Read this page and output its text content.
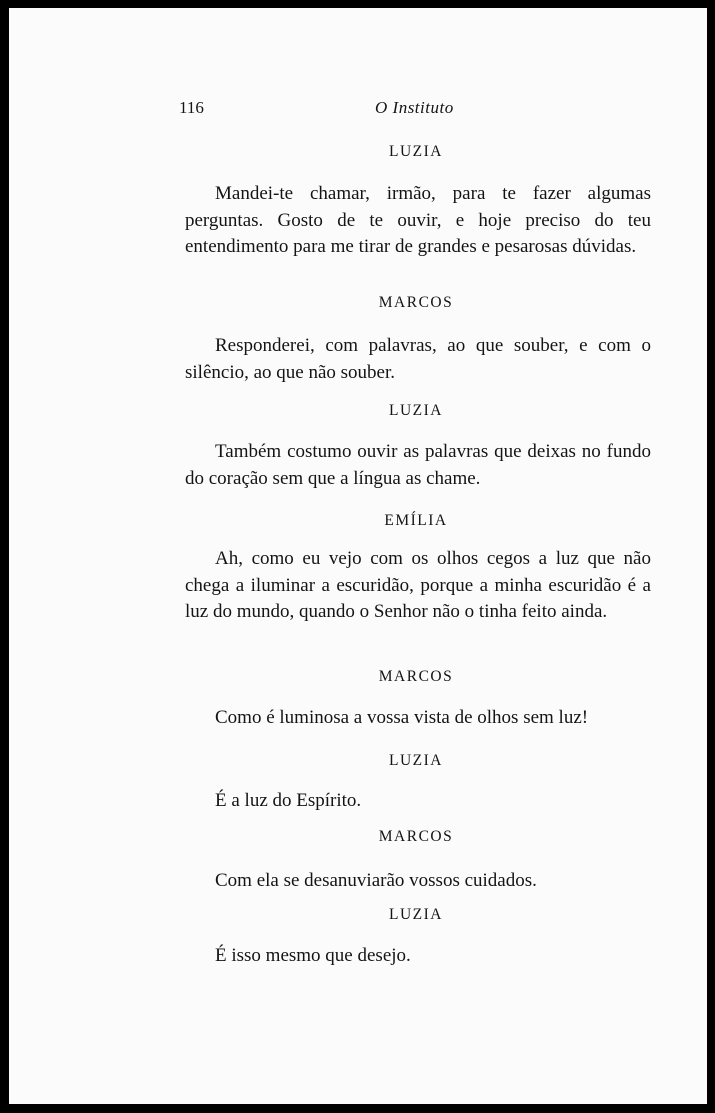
116	O Instituto
LUZIA

Mandei-te chamar, irmão, para te fazer algumas perguntas. Gosto de te ouvir, e hoje preciso do teu entendimento para me tirar de grandes e pesarosas dúvidas.

MARCOS

Responderei, com palavras, ao que souber, e com o silêncio, ao que não souber.

LUZIA

Também costumo ouvir as palavras que deixas no fundo do coração sem que a língua as chame.

EMÍLIA

Ah, como eu vejo com os olhos cegos a luz que não chega a iluminar a escuridão, porque a minha escuridão é a luz do mundo, quando o Senhor não o tinha feito ainda.

MARCOS

Como é luminosa a vossa vista de olhos sem luz!

LUZIA

É a luz do Espírito.

MARCOS

Com ela se desanuviarão vossos cuidados.

LUZIA

É isso mesmo que desejo.
